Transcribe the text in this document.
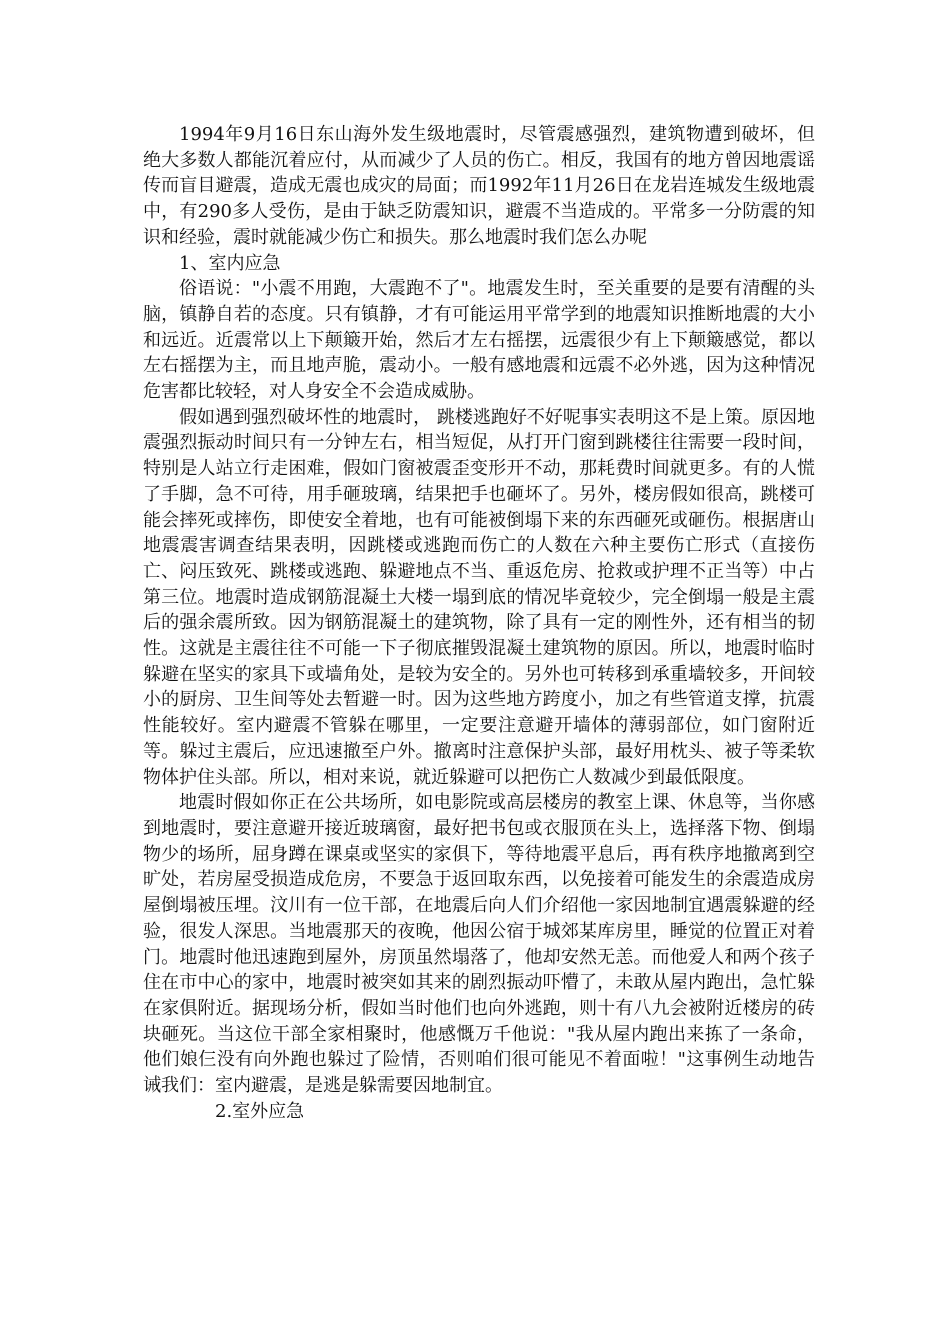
1994年9月16日东山海外发生级地震时，尽管震感强烈，建筑物遭到破坏，但绝大多数人都能沉着应付，从而减少了人员的伤亡。相反，我国有的地方曾因地震谣传而盲目避震，造成无震也成灾的局面；而1992年11月26日在龙岩连城发生级地震中，有290多人受伤，是由于缺乏防震知识，避震不当造成的。平常多一分防震的知识和经验，震时就能减少伤亡和损失。那么地震时我们怎么办呢

1、室内应急

俗语说："小震不用跑，大震跑不了"。地震发生时，至关重要的是要有清醒的头脑，镇静自若的态度。只有镇静，才有可能运用平常学到的地震知识推断地震的大小和远近。近震常以上下颠簸开始，然后才左右摇摆，远震很少有上下颠簸感觉，都以左右摇摆为主，而且地声脆，震动小。一般有感地震和远震不必外逃，因为这种情况危害都比较轻，对人身安全不会造成威胁。

假如遇到强烈破坏性的地震时， 跳楼逃跑好不好呢事实表明这不是上策。原因地震强烈振动时间只有一分钟左右，相当短促，从打开门窗到跳楼往往需要一段时间，特别是人站立行走困难，假如门窗被震歪变形开不动，那耗费时间就更多。有的人慌了手脚，急不可待，用手砸玻璃，结果把手也砸坏了。另外，楼房假如很高，跳楼可能会摔死或摔伤，即使安全着地，也有可能被倒塌下来的东西砸死或砸伤。根据唐山地震震害调查结果表明，因跳楼或逃跑而伤亡的人数在六种主要伤亡形式（直接伤亡、闷压致死、跳楼或逃跑、躲避地点不当、重返危房、抢救或护理不正当等）中占第三位。地震时造成钢筋混凝土大楼一塌到底的情况毕竟较少，完全倒塌一般是主震后的强余震所致。因为钢筋混凝土的建筑物，除了具有一定的刚性外，还有相当的韧性。这就是主震往往不可能一下子彻底摧毁混凝土建筑物的原因。所以，地震时临时躲避在坚实的家具下或墙角处，是较为安全的。另外也可转移到承重墙较多，开间较小的厨房、卫生间等处去暂避一时。因为这些地方跨度小，加之有些管道支撑，抗震性能较好。室内避震不管躲在哪里，一定要注意避开墙体的薄弱部位，如门窗附近等。躲过主震后，应迅速撤至户外。撤离时注意保护头部，最好用枕头、被子等柔软物体护住头部。所以，相对来说，就近躲避可以把伤亡人数减少到最低限度。

地震时假如你正在公共场所，如电影院或高层楼房的教室上课、休息等，当你感到地震时，要注意避开接近玻璃窗，最好把书包或衣服顶在头上，选择落下物、倒塌物少的场所，屈身蹲在课桌或坚实的家俱下，等待地震平息后，再有秩序地撤离到空旷处，若房屋受损造成危房，不要急于返回取东西，以免接着可能发生的余震造成房屋倒塌被压埋。汶川有一位干部，在地震后向人们介绍他一家因地制宜遇震躲避的经验，很发人深思。当地震那天的夜晚，他因公宿于城郊某库房里，睡觉的位置正对着门。地震时他迅速跑到屋外，房顶虽然塌落了，他却安然无恙。而他爱人和两个孩子住在市中心的家中，地震时被突如其来的剧烈振动吓懵了，未敢从屋内跑出，急忙躲在家俱附近。据现场分析，假如当时他们也向外逃跑，则十有八九会被附近楼房的砖块砸死。当这位干部全家相聚时，他感慨万千他说："我从屋内跑出来拣了一条命，他们娘仨没有向外跑也躲过了险情，否则咱们很可能见不着面啦！"这事例生动地告诫我们：室内避震，是逃是躲需要因地制宜。

2.室外应急
